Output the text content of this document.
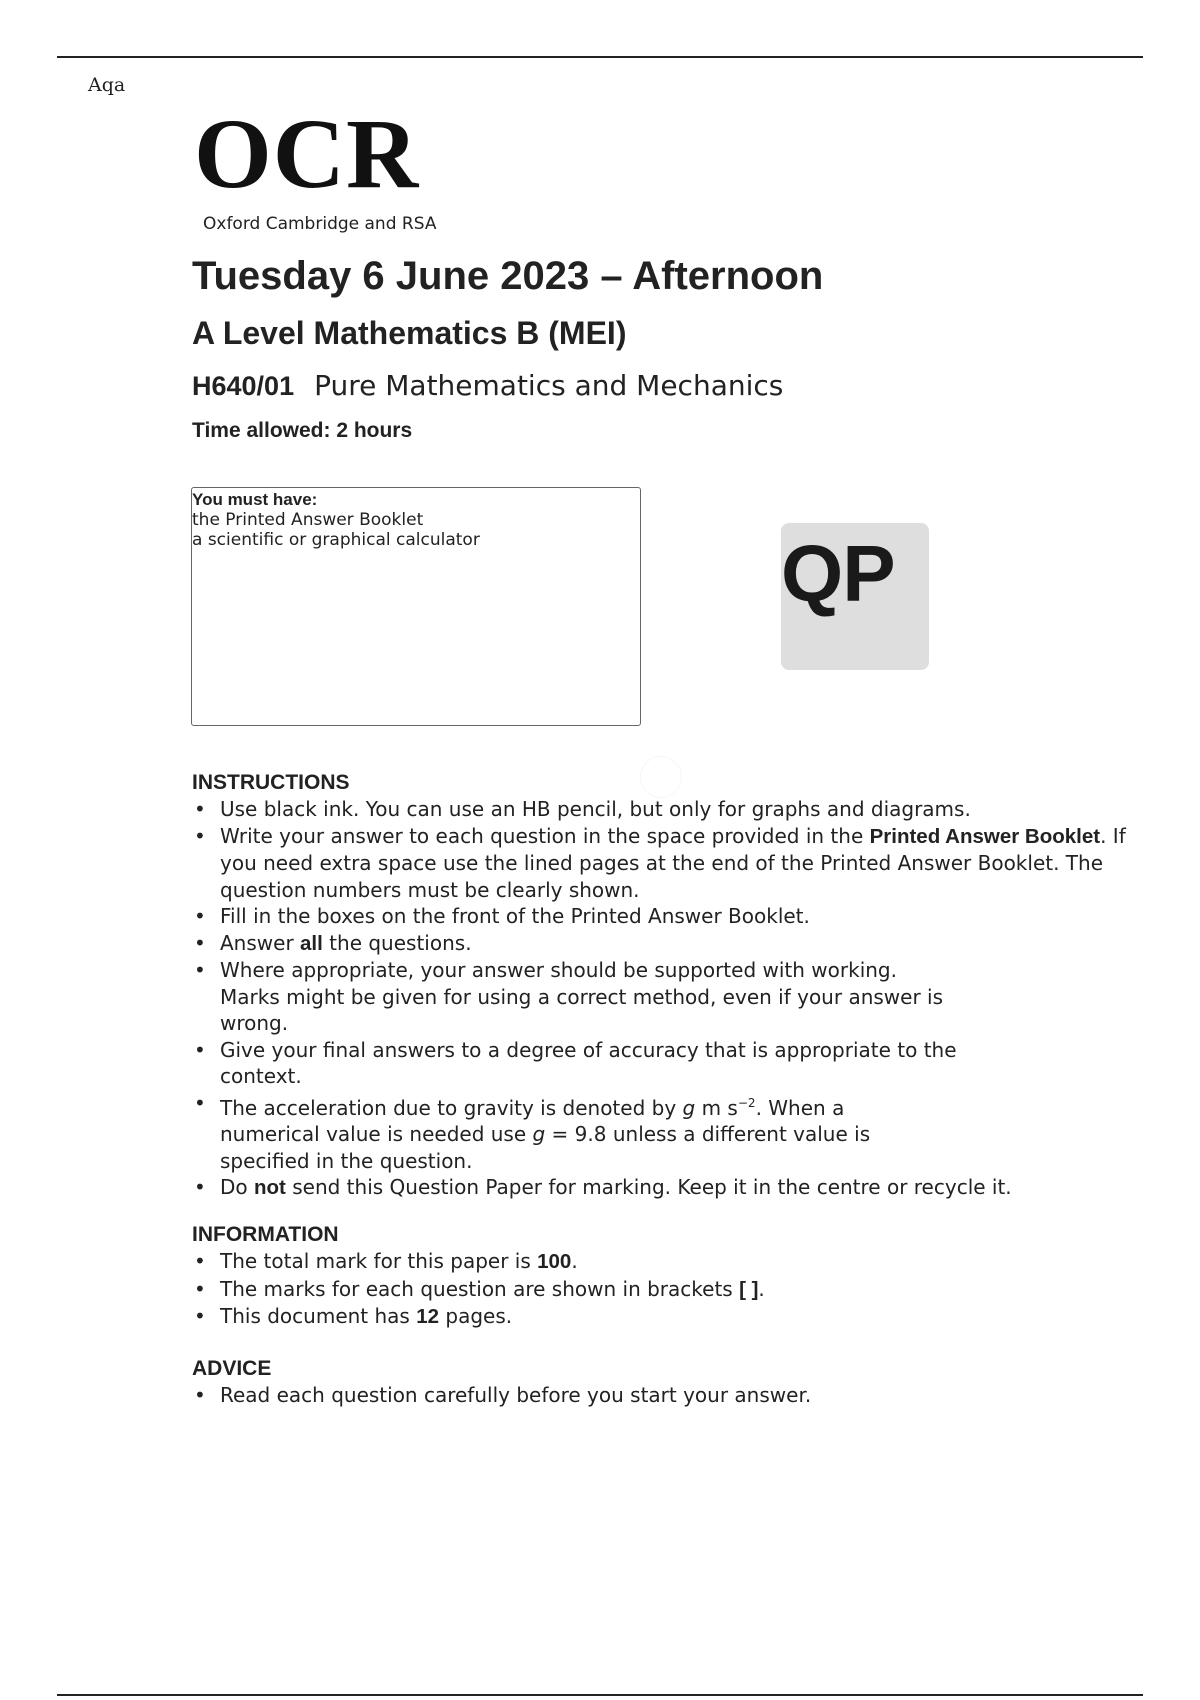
Aqa
OCR
Oxford Cambridge and RSA
Tuesday 6 June 2023 – Afternoon
A Level Mathematics B (MEI)
H640/01 Pure Mathematics and Mechanics
Time allowed: 2 hours
You must have:
the Printed Answer Booklet
a scientific or graphical calculator	QP
INSTRUCTIONS
• Use black ink. You can use an HB pencil, but only for graphs and diagrams.
• Write your answer to each question in the space provided in the Printed Answer Booklet. If you need extra space use the lined pages at the end of the Printed Answer Booklet. The question numbers must be clearly shown.
• Fill in the boxes on the front of the Printed Answer Booklet.
• Answer all the questions.
• Where appropriate, your answer should be supported with working. Marks might be given for using a correct method, even if your answer is wrong.
• Give your final answers to a degree of accuracy that is appropriate to the context.
• The acceleration due to gravity is denoted by g m $s^{-2}$. When a numerical value is needed use g = 9.8 unless a different value is specified in the question.
• Do not send this Question Paper for marking. Keep it in the centre or recycle it.
INFORMATION
• The total mark for this paper is 100.
• The marks for each question are shown in brackets [ ].
• This document has 12 pages.
ADVICE
• Read each question carefully before you start your answer.
